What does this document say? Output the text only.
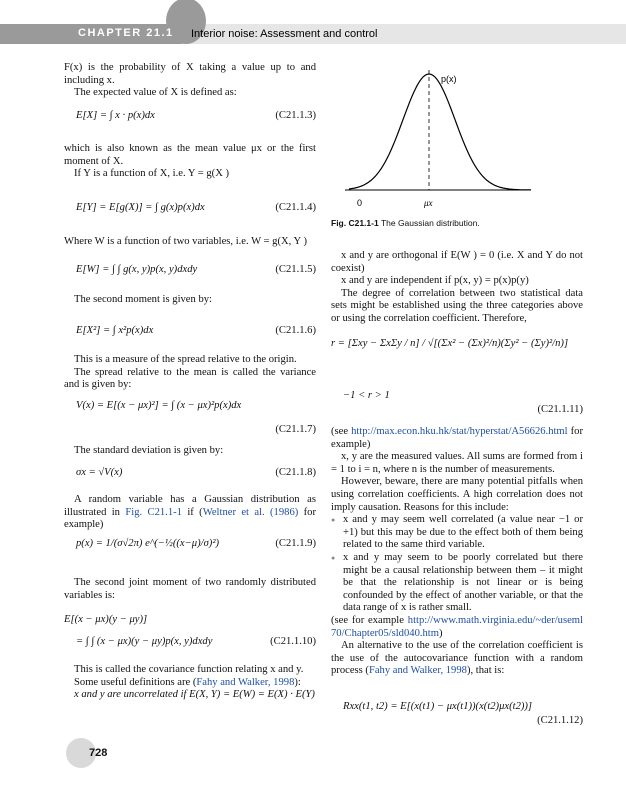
CHAPTER 21.1 Interior noise: Assessment and control

F(x) is the probability of X taking a value up to and including x.

The expected value of X is defined as:

E[X] = ∫ x · p(x)dx	(C21.1.3)

which is also known as the mean value μx or the first moment of X.

If Y is a function of X, i.e. Y = g(X )

E[Y] = E[g(X)] = ∫ g(x)p(x)dx	(C21.1.4)

Where W is a function of two variables, i.e. W = g(X, Y )

E[W] = ∫ ∫ g(x, y)p(x, y)dxdy	(C21.1.5)

The second moment is given by:

E[X²] = ∫ x²p(x)dx	(C21.1.6)

This is a measure of the spread relative to the origin.

The spread relative to the mean is called the variance and is given by:

V(x) = E[(x − μx)²] = ∫ (x − μx)²p(x)dx
(C21.1.7)

The standard deviation is given by:

σx = √V(x)	(C21.1.8)

A random variable has a Gaussian distribution as illustrated in Fig. C21.1-1 if (Weltner et al. (1986) for example)

p(x) = 1/(σ√2π) e^(−½((x−μ)/σ)²)	(C21.1.9)

The second joint moment of two randomly distributed variables is:

E[(x − μx)(y − μy)]
= ∫ ∫ (x − μx)(y − μy)p(x, y)dxdy	(C21.1.10)

This is called the covariance function relating x and y.

Some useful definitions are (Fahy and Walker, 1998):

x and y are uncorrelated if E(X, Y) = E(W) = E(X) · E(Y)

p(x)
0	μx
Fig. C21.1-1 The Gaussian distribution.

x and y are orthogonal if E(W ) = 0 (i.e. X and Y do not coexist)

x and y are independent if p(x, y) = p(x)p(y)

The degree of correlation between two statistical data sets might be established using the three categories above or using the correlation coefficient. Therefore,

r = [Σxy − ΣxΣy / n] / √[(Σx² − (Σx)²/n)(Σy² − (Σy)²/n)]
−1 < r > 1
(C21.1.11)

(see http://max.econ.hku.hk/stat/hyperstat/A56626.html for example)

x, y are the measured values. All sums are formed from i = 1 to i = n, where n is the number of measurements.

However, beware, there are many potential pitfalls when using correlation coefficients. A high correlation does not imply causation. Reasons for this include:

● x and y may seem well correlated (a value near −1 or +1) but this may be due to the effect both of them being related to the same third variable.

● x and y may seem to be poorly correlated but there might be a causal relationship between them – it might be that the relationship is not linear or is being confounded by the effect of another variable, or that the data range of x is rather small.

(see for example http://www.math.virginia.edu/~der/useml70/Chapter05/sld040.htm)

An alternative to the use of the correlation coefficient is the use of the autocovariance function with a random process (Fahy and Walker, 1998), that is:

Rxx(t1, t2) = E[(x(t1) − μx(t1))(x(t2)μx(t2))]
(C21.1.12)
728
